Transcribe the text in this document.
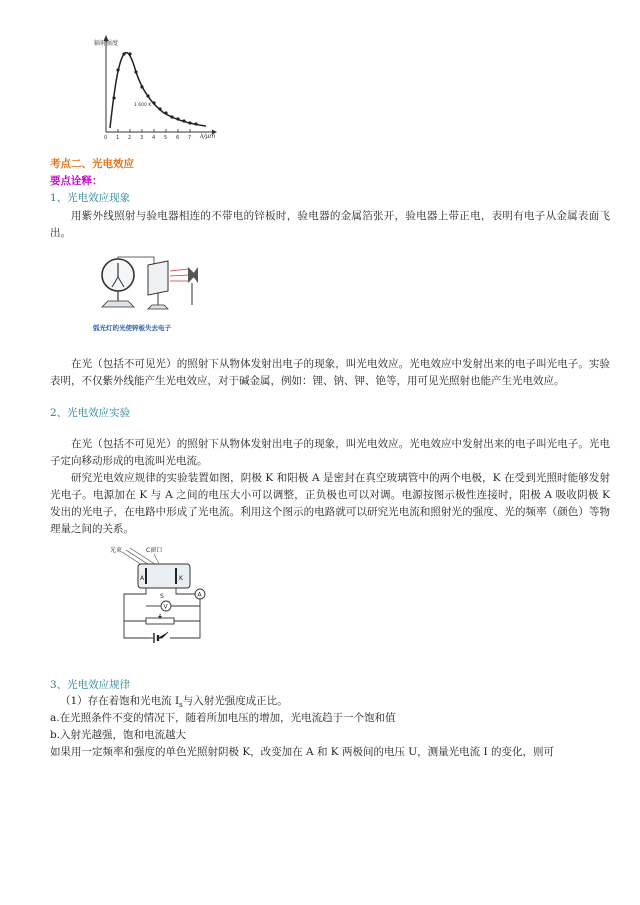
辐射强度
1 600 K
λ/μm
0 1 2 3 4 5 6 7
考点二、光电效应
要点诠释：
1、光电效应现象
用紫外线照射与验电器相连的不带电的锌板时，验电器的金属箔张开，验电器上带正电，表明有电子从金属表面飞出。
弧光灯的光使锌板失去电子
在光（包括不可见光）的照射下从物体发射出电子的现象，叫光电效应。光电效应中发射出来的电子叫光电子。实验表明，不仅紫外线能产生光电效应，对于碱金属，例如：锂、钠、钾、铯等，用可见光照射也能产生光电效应。
2、光电效应实验
在光（包括不可见光）的照射下从物体发射出电子的现象，叫光电效应。光电效应中发射出来的电子叫光电子。光电子定向移动形成的电流叫光电流。
研究光电效应规律的实验装置如图，阴极 K 和阳极 A 是密封在真空玻璃管中的两个电极，K 在受到光照时能够发射光电子。电源加在 K 与 A 之间的电压大小可以调整，正负极也可以对调。电源按图示极性连接时，阳极 A 吸收阴极 K 发出的光电子，在电路中形成了光电流。利用这个图示的电路就可以研究光电流和照射光的强度、光的频率（颜色）等物理量之间的关系。
光束	C窗口
A	K
S
V
A
3、光电效应规律
（1）存在着饱和光电流 $I_s$与入射光强度成正比。
a.在光照条件不变的情况下，随着所加电压的增加，光电流趋于一个饱和值
b.入射光越强，饱和电流越大
如果用一定频率和强度的单色光照射阴极 K，改变加在 A 和 K 两极间的电压 U，测量光电流 I 的变化，则可
